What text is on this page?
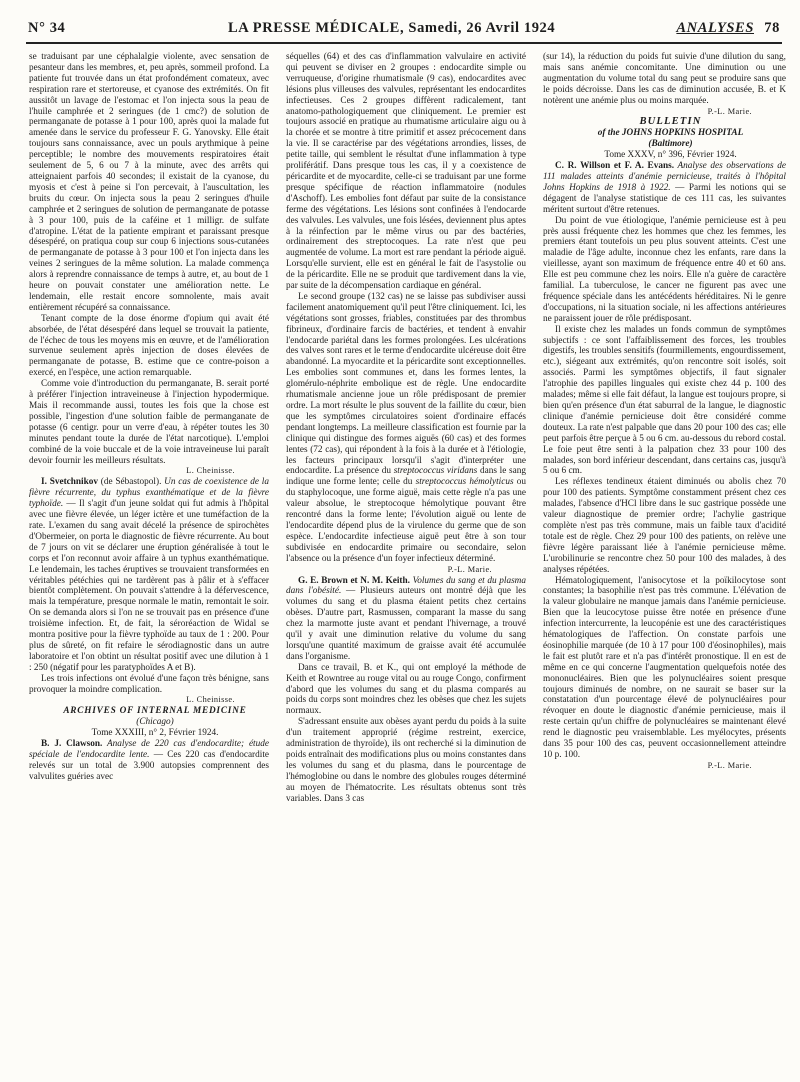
N° 34	LA PRESSE MÉDICALE, Samedi, 26 Avril 1924	ANALYSES 78

se traduisant par une céphalalgie violente, avec sensation de pesanteur dans les membres, et, peu après, sommeil profond. La patiente fut trouvée dans un état profondément comateux, avec respiration rare et stertoreuse, et cyanose des extrémités. On fit aussitôt un lavage de l'estomac et l'on injecta sous la peau de l'huile camphrée et 2 seringues (de 1 cmc?) de solution de permanganate de potasse à 1 pour 100, après quoi la malade fut amenée dans le service du professeur F. G. Yanovsky. Elle était toujours sans connaissance, avec un pouls arythmique à peine perceptible; le nombre des mouvements respiratoires était seulement de 5, 6 ou 7 à la minute, avec des arrêts qui atteignaient parfois 40 secondes; il existait de la cyanose, du myosis et c'est à peine si l'on percevait, à l'auscultation, les bruits du cœur. On injecta sous la peau 2 seringues d'huile camphrée et 2 seringues de solution de permanganate de potasse à 3 pour 100, puis de la caféine et 1 milligr. de sulfate d'atropine. L'état de la patiente empirant et paraissant presque désespéré, on pratiqua coup sur coup 6 injections sous-cutanées de permanganate de potasse à 3 pour 100 et l'on injecta dans les veines 2 seringues de la même solution. La malade commença alors à reprendre connaissance de temps à autre, et, au bout de 1 heure on pouvait constater une amélioration nette. Le lendemain, elle restait encore somnolente, mais avait entièrement récupéré sa connaissance.

Tenant compte de la dose énorme d'opium qui avait été absorbée, de l'état désespéré dans lequel se trouvait la patiente, de l'échec de tous les moyens mis en œuvre, et de l'amélioration survenue seulement après injection de doses élevées de permanganate de potasse, B. estime que ce contre-poison a exercé, en l'espèce, une action remarquable.

Comme voie d'introduction du permanganate, B. serait porté à préférer l'injection intraveineuse à l'injection hypodermique. Mais il recommande aussi, toutes les fois que la chose est possible, l'ingestion d'une solution faible de permanganate de potasse (6 centigr. pour un verre d'eau, à répéter toutes les 30 minutes pendant toute la durée de l'état narcotique). L'emploi combiné de la voie buccale et de la voie intraveineuse lui paraît devoir fournir les meilleurs résultats.

L. Cheinisse.

I. Svetchnikov (de Sébastopol). Un cas de coexistence de la fièvre récurrente, du typhus exanthématique et de la fièvre typhoïde. — Il s'agit d'un jeune soldat qui fut admis à l'hôpital avec une fièvre élevée, un léger ictère et une tuméfaction de la rate. L'examen du sang avait décelé la présence de spirochètes d'Obermeier, on porta le diagnostic de fièvre récurrente. Au bout de 7 jours on vit se déclarer une éruption généralisée à tout le corps et l'on reconnut avoir affaire à un typhus exanthématique. Le lendemain, les taches éruptives se trouvaient transformées en véritables pétéchies qui ne tardèrent pas à pâlir et à s'effacer bientôt complètement. On pouvait s'attendre à la défervescence, mais la température, presque normale le matin, remontait le soir. On se demanda alors si l'on ne se trouvait pas en présence d'une troisième infection. Et, de fait, la séroréaction de Widal se montra positive pour la fièvre typhoïde au taux de 1 : 200. Pour plus de sûreté, on fit refaire le sérodiagnostic dans un autre laboratoire et l'on obtint un résultat positif avec une dilution à 1 : 250 (négatif pour les paratyphoïdes A et B).

Les trois infections ont évolué d'une façon très bénigne, sans provoquer la moindre complication.

L. Cheinisse.

ARCHIVES OF INTERNAL MEDICINE

(Chicago)

Tome XXXIII, n° 2, Février 1924.

B. J. Clawson. Analyse de 220 cas d'endocardite; étude spéciale de l'endocardite lente. — Ces 220 cas d'endocardite relevés sur un total de 3.900 autopsies comprennent des valvulites guéries avec

séquelles (64) et des cas d'inflammation valvulaire en activité qui peuvent se diviser en 2 groupes : endocardite simple ou verruqueuse, d'origine rhumatismale (9 cas), endocardites avec lésions plus villeuses des valvules, représentant les endocardites infectieuses. Ces 2 groupes diffèrent radicalement, tant anatomo-pathologiquement que cliniquement. Le premier est toujours associé en pratique au rhumatisme articulaire aigu ou à la chorée et se montre à titre primitif et assez précocement dans la vie. Il se caractérise par des végétations arrondies, lisses, de petite taille, qui semblent le résultat d'une inflammation à type proliférátif. Dans presque tous les cas, il y a coexistence de péricardite et de myocardite, celle-ci se traduisant par une forme presque spécifique de réaction inflammatoire (nodules d'Aschoff). Les embolies font défaut par suite de la consistance ferme des végétations. Les lésions sont confinées à l'endocarde des valvules. Les valvules, une fois lésées, deviennent plus aptes à la réinfection par le même virus ou par des bactéries, ordinairement des streptocoques. La rate n'est que peu augmentée de volume. La mort est rare pendant la période aiguë. Lorsqu'elle survient, elle est en général le fait de l'asystolie ou de la péricardite. Elle ne se produit que tardivement dans la vie, par suite de la décompensation cardiaque en général.

Le second groupe (132 cas) ne se laisse pas subdiviser aussi facilement anatomiquement qu'il peut l'être cliniquement. Ici, les végétations sont grosses, friables, constituées par des thrombus fibrineux, d'ordinaire farcis de bactéries, et tendent à envahir l'endocarde pariétal dans les formes prolongées. Les ulcérations des valves sont rares et le terme d'endocardite ulcéreuse doit être abandonné. La myocardite et la péricardite sont exceptionnelles. Les embolies sont communes et, dans les formes lentes, la glomérulo-néphrite embolique est de règle. Une endocardite rhumatismale ancienne joue un rôle prédisposant de premier ordre. La mort résulte le plus souvent de la faillite du cœur, bien que les symptômes circulatoires soient d'ordinaire effacés pendant longtemps. La meilleure classification est fournie par la clinique qui distingue des formes aiguës (60 cas) et des formes lentes (72 cas), qui répondent à la fois à la durée et à l'étiologie, les facteurs principaux lorsqu'il s'agit d'interpréter une endocardite. La présence du streptococcus viridans dans le sang indique une forme lente; celle du streptococcus hémolyticus ou du staphylocoque, une forme aiguë, mais cette règle n'a pas une valeur absolue, le streptocoque hémolytique pouvant être rencontré dans la forme lente; l'évolution aiguë ou lente de l'endocardite dépend plus de la virulence du germe que de son espèce. L'endocardite infectieuse aiguë peut être à son tour subdivisée en endocardite primaire ou secondaire, selon l'absence ou la présence d'un foyer infectieux déterminé.

P.-L. Marie.

G. E. Brown et N. M. Keith. Volumes du sang et du plasma dans l'obésité. — Plusieurs auteurs ont montré déjà que les volumes du sang et du plasma étaient petits chez certains obèses. D'autre part, Rasmussen, comparant la masse du sang chez la marmotte juste avant et pendant l'hivernage, a trouvé qu'il y avait une diminution relative du volume du sang lorsqu'une quantité maximum de graisse avait été accumulée dans l'organisme.

Dans ce travail, B. et K., qui ont employé la méthode de Keith et Rowntree au rouge vital ou au rouge Congo, confirment d'abord que les volumes du sang et du plasma comparés au poids du corps sont moindres chez les obèses que chez les sujets normaux.

S'adressant ensuite aux obèses ayant perdu du poids à la suite d'un traitement approprié (régime restreint, exercice, administration de thyroïde), ils ont recherché si la diminution de poids entraînait des modifications plus ou moins constantes dans les volumes du sang et du plasma, dans le pourcentage de l'hémoglobine ou dans le nombre des globules rouges déterminé au moyen de l'hématocrite. Les résultats obtenus sont très variables. Dans 3 cas

(sur 14), la réduction du poids fut suivie d'une dilution du sang, mais sans anémie concomitante. Une diminution ou une augmentation du volume total du sang peut se produire sans que le poids décroisse. Dans les cas de diminution accusée, B. et K notèrent une anémie plus ou moins marquée.

P.-L. Marie.

BULLETIN

of the JOHNS HOPKINS HOSPITAL

(Baltimore)

Tome XXXV, n° 396, Février 1924.

C. R. Willson et F. A. Evans. Analyse des observations de 111 malades atteints d'anémie pernicieuse, traités à l'hôpital Johns Hopkins de 1918 à 1922. — Parmi les notions qui se dégagent de l'analyse statistique de ces 111 cas, les suivantes méritent surtout d'être retenues.

Du point de vue étiologique, l'anémie pernicieuse est à peu près aussi fréquente chez les hommes que chez les femmes, les premiers étant toutefois un peu plus souvent atteints. C'est une maladie de l'âge adulte, inconnue chez les enfants, rare dans la vieillesse, ayant son maximum de fréquence entre 40 et 60 ans. Elle est peu commune chez les noirs. Elle n'a guère de caractère familial. La tuberculose, le cancer ne figurent pas avec une fréquence spéciale dans les antécédents héréditaires. Ni le genre d'occupations, ni la situation sociale, ni les affections antérieures ne paraissent jouer de rôle prédisposant.

Il existe chez les malades un fonds commun de symptômes subjectifs : ce sont l'affaiblissement des forces, les troubles digestifs, les troubles sensitifs (fourmillements, engourdissement, etc.), siégeant aux extrémités, qu'on rencontre soit isolés, soit associés. Parmi les symptômes objectifs, il faut signaler l'atrophie des papilles linguales qui existe chez 44 p. 100 des malades; même si elle fait défaut, la langue est toujours propre, si bien qu'en présence d'un état saburral de la langue, le diagnostic clinique d'anémie pernicieuse doit être considéré comme douteux. La rate n'est palpable que dans 20 pour 100 des cas; elle peut parfois être perçue à 5 ou 6 cm. au-dessous du rebord costal. Le foie peut être senti à la palpation chez 33 pour 100 des malades, son bord inférieur descendant, dans certains cas, jusqu'à 5 ou 6 cm.

Les réflexes tendineux étaient diminués ou abolis chez 70 pour 100 des patients. Symptôme constamment présent chez ces malades, l'absence d'HCl libre dans le suc gastrique possède une valeur diagnostique de premier ordre; l'achylie gastrique complète n'est pas très commune, mais un faible taux d'acidité totale est de règle. Chez 29 pour 100 des patients, on relève une fièvre légère paraissant liée à l'anémie pernicieuse même. L'urobilinurie se rencontre chez 50 pour 100 des malades, à des analyses répétées.

Hématologiquement, l'anisocytose et la poïkilocytose sont constantes; la basophilie n'est pas très commune. L'élévation de la valeur globulaire ne manque jamais dans l'anémie pernicieuse. Bien que la leucocytose puisse être notée en présence d'une infection intercurrente, la leucopénie est une des caractéristiques hématologiques de l'affection. On constate parfois une éosinophilie marquée (de 10 à 17 pour 100 d'éosinophiles), mais le fait est plutôt rare et n'a pas d'intérêt pronostique. Il en est de même en ce qui concerne l'augmentation quelquefois notée des mononucléaires. Bien que les polynucléaires soient presque toujours diminués de nombre, on ne saurait se baser sur la constatation d'un pourcentage élevé de polynucléaires pour révoquer en doute le diagnostic d'anémie pernicieuse, mais il reste certain qu'un chiffre de polynucléaires se maintenant élevé rend le diagnostic peu vraisemblable. Les myélocytes, présents dans 35 pour 100 des cas, peuvent occasionnellement atteindre 10 p. 100.

P.-L. Marie.
